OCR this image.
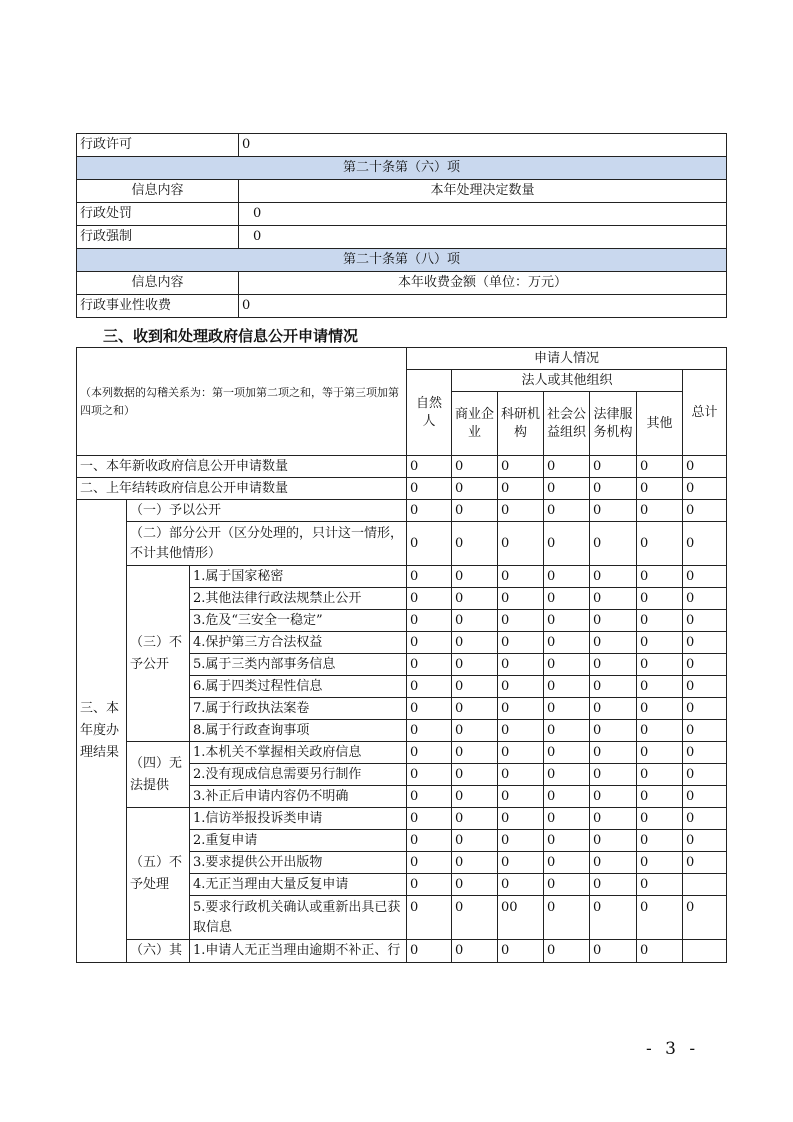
行政许可	0
第二十条第（六）项	
信息内容	本年处理决定数量
行政处罚	0
行政强制	0
第二十条第（八）项	
信息内容	本年收费金额（单位：万元）
行政事业性收费	0
三、收到和处理政府信息公开申请情况
（本列数据的勾稽关系为：第一项加第二项之和，等于第三项加第四项之和）			申请人情况						
			自然人	法人或其他组织					总计
				商业企业	科研机构	社会公益组织	法律服务机构	其他	
一、本年新收政府信息公开申请数量			0	0	0	0	0	0	0
二、上年结转政府信息公开申请数量			0	0	0	0	0	0	0
三、本年度办理结果	（一）予以公开		0	0	0	0	0	0	0
	（二）部分公开（区分处理的，只计这一情形，不计其他情形）		0	0	0	0	0	0	0
	（三）不予公开	1.属于国家秘密	0	0	0	0	0	0	0
		2.其他法律行政法规禁止公开	0	0	0	0	0	0	0
		3.危及“三安全一稳定”	0	0	0	0	0	0	0
		4.保护第三方合法权益	0	0	0	0	0	0	0
		5.属于三类内部事务信息	0	0	0	0	0	0	0
		6.属于四类过程性信息	0	0	0	0	0	0	0
		7.属于行政执法案卷	0	0	0	0	0	0	0
		8.属于行政查询事项	0	0	0	0	0	0	0
	（四）无法提供	1.本机关不掌握相关政府信息	0	0	0	0	0	0	0
		2.没有现成信息需要另行制作	0	0	0	0	0	0	0
		3.补正后申请内容仍不明确	0	0	0	0	0	0	0
	（五）不予处理	1.信访举报投诉类申请	0	0	0	0	0	0	0
		2.重复申请	0	0	0	0	0	0	0
		3.要求提供公开出版物	0	0	0	0	0	0	0
		4.无正当理由大量反复申请	0	0	0	0	0	0	
		5.要求行政机关确认或重新出具已获取信息	0	0	00	0	0	0	0
	（六）其	1.申请人无正当理由逾期不补正、行	0	0	0	0	0	0	
- 3 -
